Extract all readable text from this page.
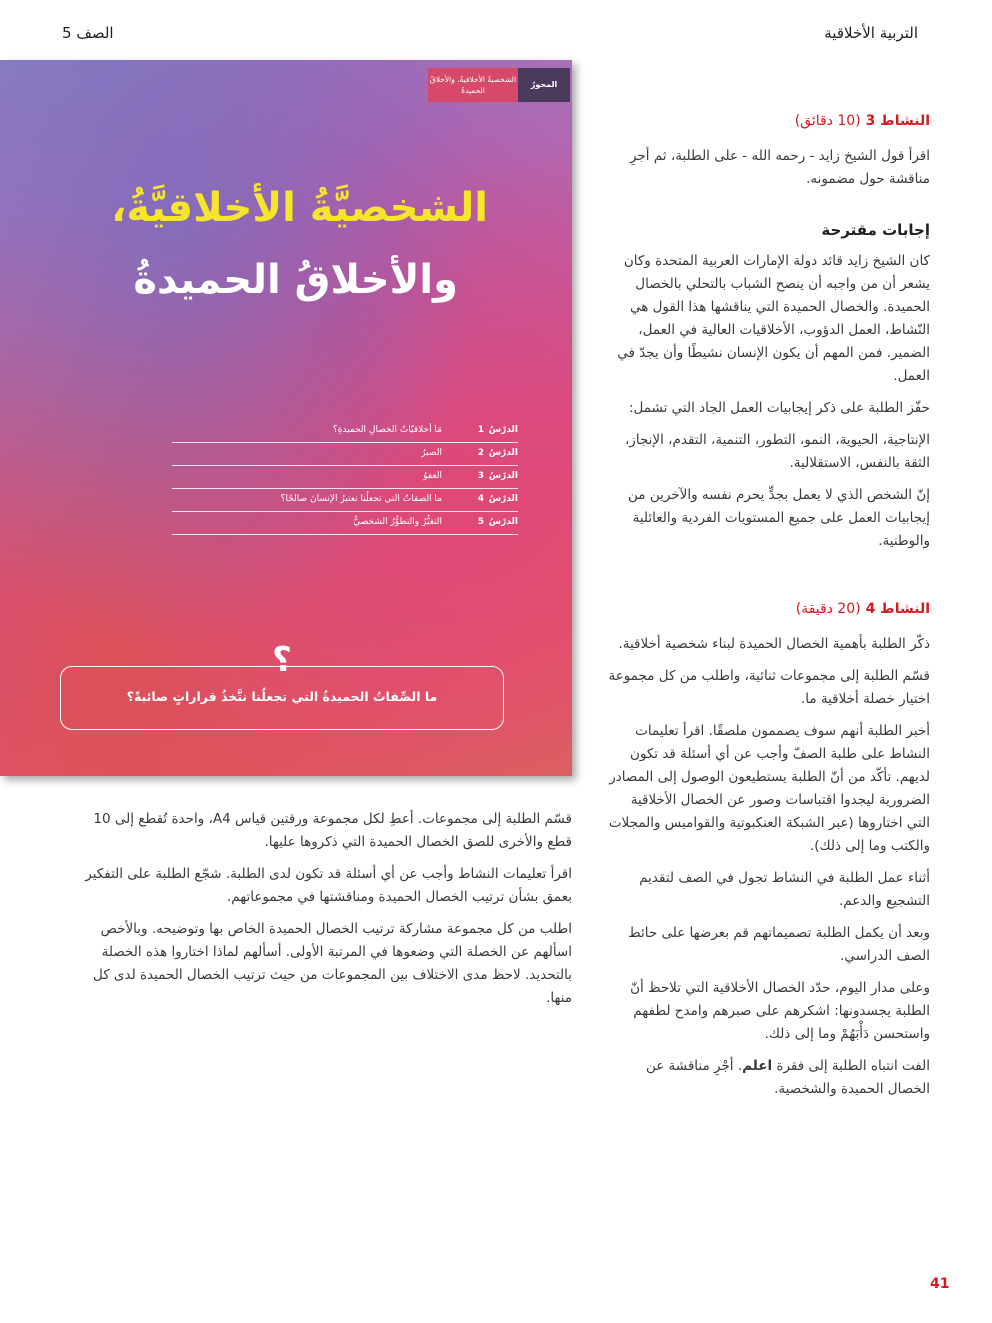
التربية الأخلاقية
الصف 5
النشاط 3 (10 دقائق)

اقرأ قول الشيخ زايد - رحمه الله - على الطلبة، ثم أجرِ مناقشة حول مضمونه.

إجابات مقترحة

كان الشيخ زايد قائد دولة الإمارات العربية المتحدة وكان يشعر أن من واجبه أن ينصح الشباب بالتحلي بالخصال الحميدة. والخصال الحميدة التي يناقشها هذا القول هي النّشاط، العمل الدؤوب، الأخلاقيات العالية في العمل، الضمير. فمن المهم أن يكون الإنسان نشيطًا وأن يجدّ في العمل.

حفّز الطلبة على ذكر إيجابيات العمل الجاد التي تشمل:

الإنتاجية، الحيوية، النمو، التطور، التنمية، التقدم، الإنجاز، الثقة بالنفس، الاستقلالية.

إنّ الشخص الذي لا يعمل بجدٍّ يحرم نفسه والآخرين من إيجابيات العمل على جميع المستويات الفردية والعائلية والوطنية.

النشاط 4 (20 دقيقة)

ذكّر الطلبة بأهمية الخصال الحميدة لبناء شخصية أخلاقية.

قسّم الطلبة إلى مجموعات ثنائية، واطلب من كل مجموعة اختيار خصلة أخلاقية ما.

أخبر الطلبة أنهم سوف يصممون ملصقًا. اقرأ تعليمات النشاط على طلبة الصفّ وأجب عن أي أسئلة قد تكون لديهم. تأكّد من أنّ الطلبة يستطيعون الوصول إلى المصادر الضرورية ليجدوا اقتباسات وصور عن الخصال الأخلاقية التي اختاروها (عبر الشبكة العنكبوتية والقواميس والمجلات والكتب وما إلى ذلك).

أثناء عمل الطلبة في النشاط تجول في الصف لتقديم التشجيع والدعم.

وبعد أن يكمل الطلبة تصميماتهم قم بعرضها على حائط الصف الدراسي.

وعلى مدار اليوم، حدّد الخصال الأخلاقية التي تلاحظ أنّ الطلبة يجسدونها: اشكرهم على صبرهم وامدح لطفهم واستحسن دَأْبَهُمْ وما إلى ذلك.

الفت انتباه الطلبة إلى فقرة اعلم. أجْرِ مناقشة عن الخصال الحميدة والشخصية.

المحورُ
الشخصيةُ الأخلاقيةُ، والأخلاقُ الحميدةُ
الشخصيَّةُ الأخلاقيَّةُ،
والأخلاقُ الحميدةُ
الدرْسُ
1
مَا أخلاقيّاتُ الخصالِ الحميدةِ؟
الدرْسُ
2
الصبرُ
الدرْسُ
3
العفوُ
الدرْسُ
4
ما الصفاتُ التي تجعلُنا نعتبرُ الإنسانَ صالحًا؟
الدرْسُ
5
التغيُّرُ والتطوُّرُ الشخصيُّ
؟
ما الصِّفاتُ الحميدةُ التي تجعلُنا نتَّخذُ قراراتٍ صائبةً؟

قسّم الطلبة إلى مجموعات. أعطِ لكل مجموعة ورقتين قياس A4، واحدة تُقطع إلى 10 قطع والأخرى للصق الخصال الحميدة التي ذكروها عليها.

اقرأ تعليمات النشاط وأجب عن أي أسئلة قد تكون لدى الطلبة. شجّع الطلبة على التفكير بعمق بشأن ترتيب الخصال الحميدة ومناقشتها في مجموعاتهم.

اطلب من كل مجموعة مشاركة ترتيب الخصال الحميدة الخاص بها وتوضيحه. وبالأخص اسألهم عن الخصلة التي وضعوها في المرتبة الأولى. أسألهم لماذا اختاروا هذه الخصلة بالتحديد. لاحظ مدى الاختلاف بين المجموعات من حيث ترتيب الخصال الحميدة لدى كل منها.

41
